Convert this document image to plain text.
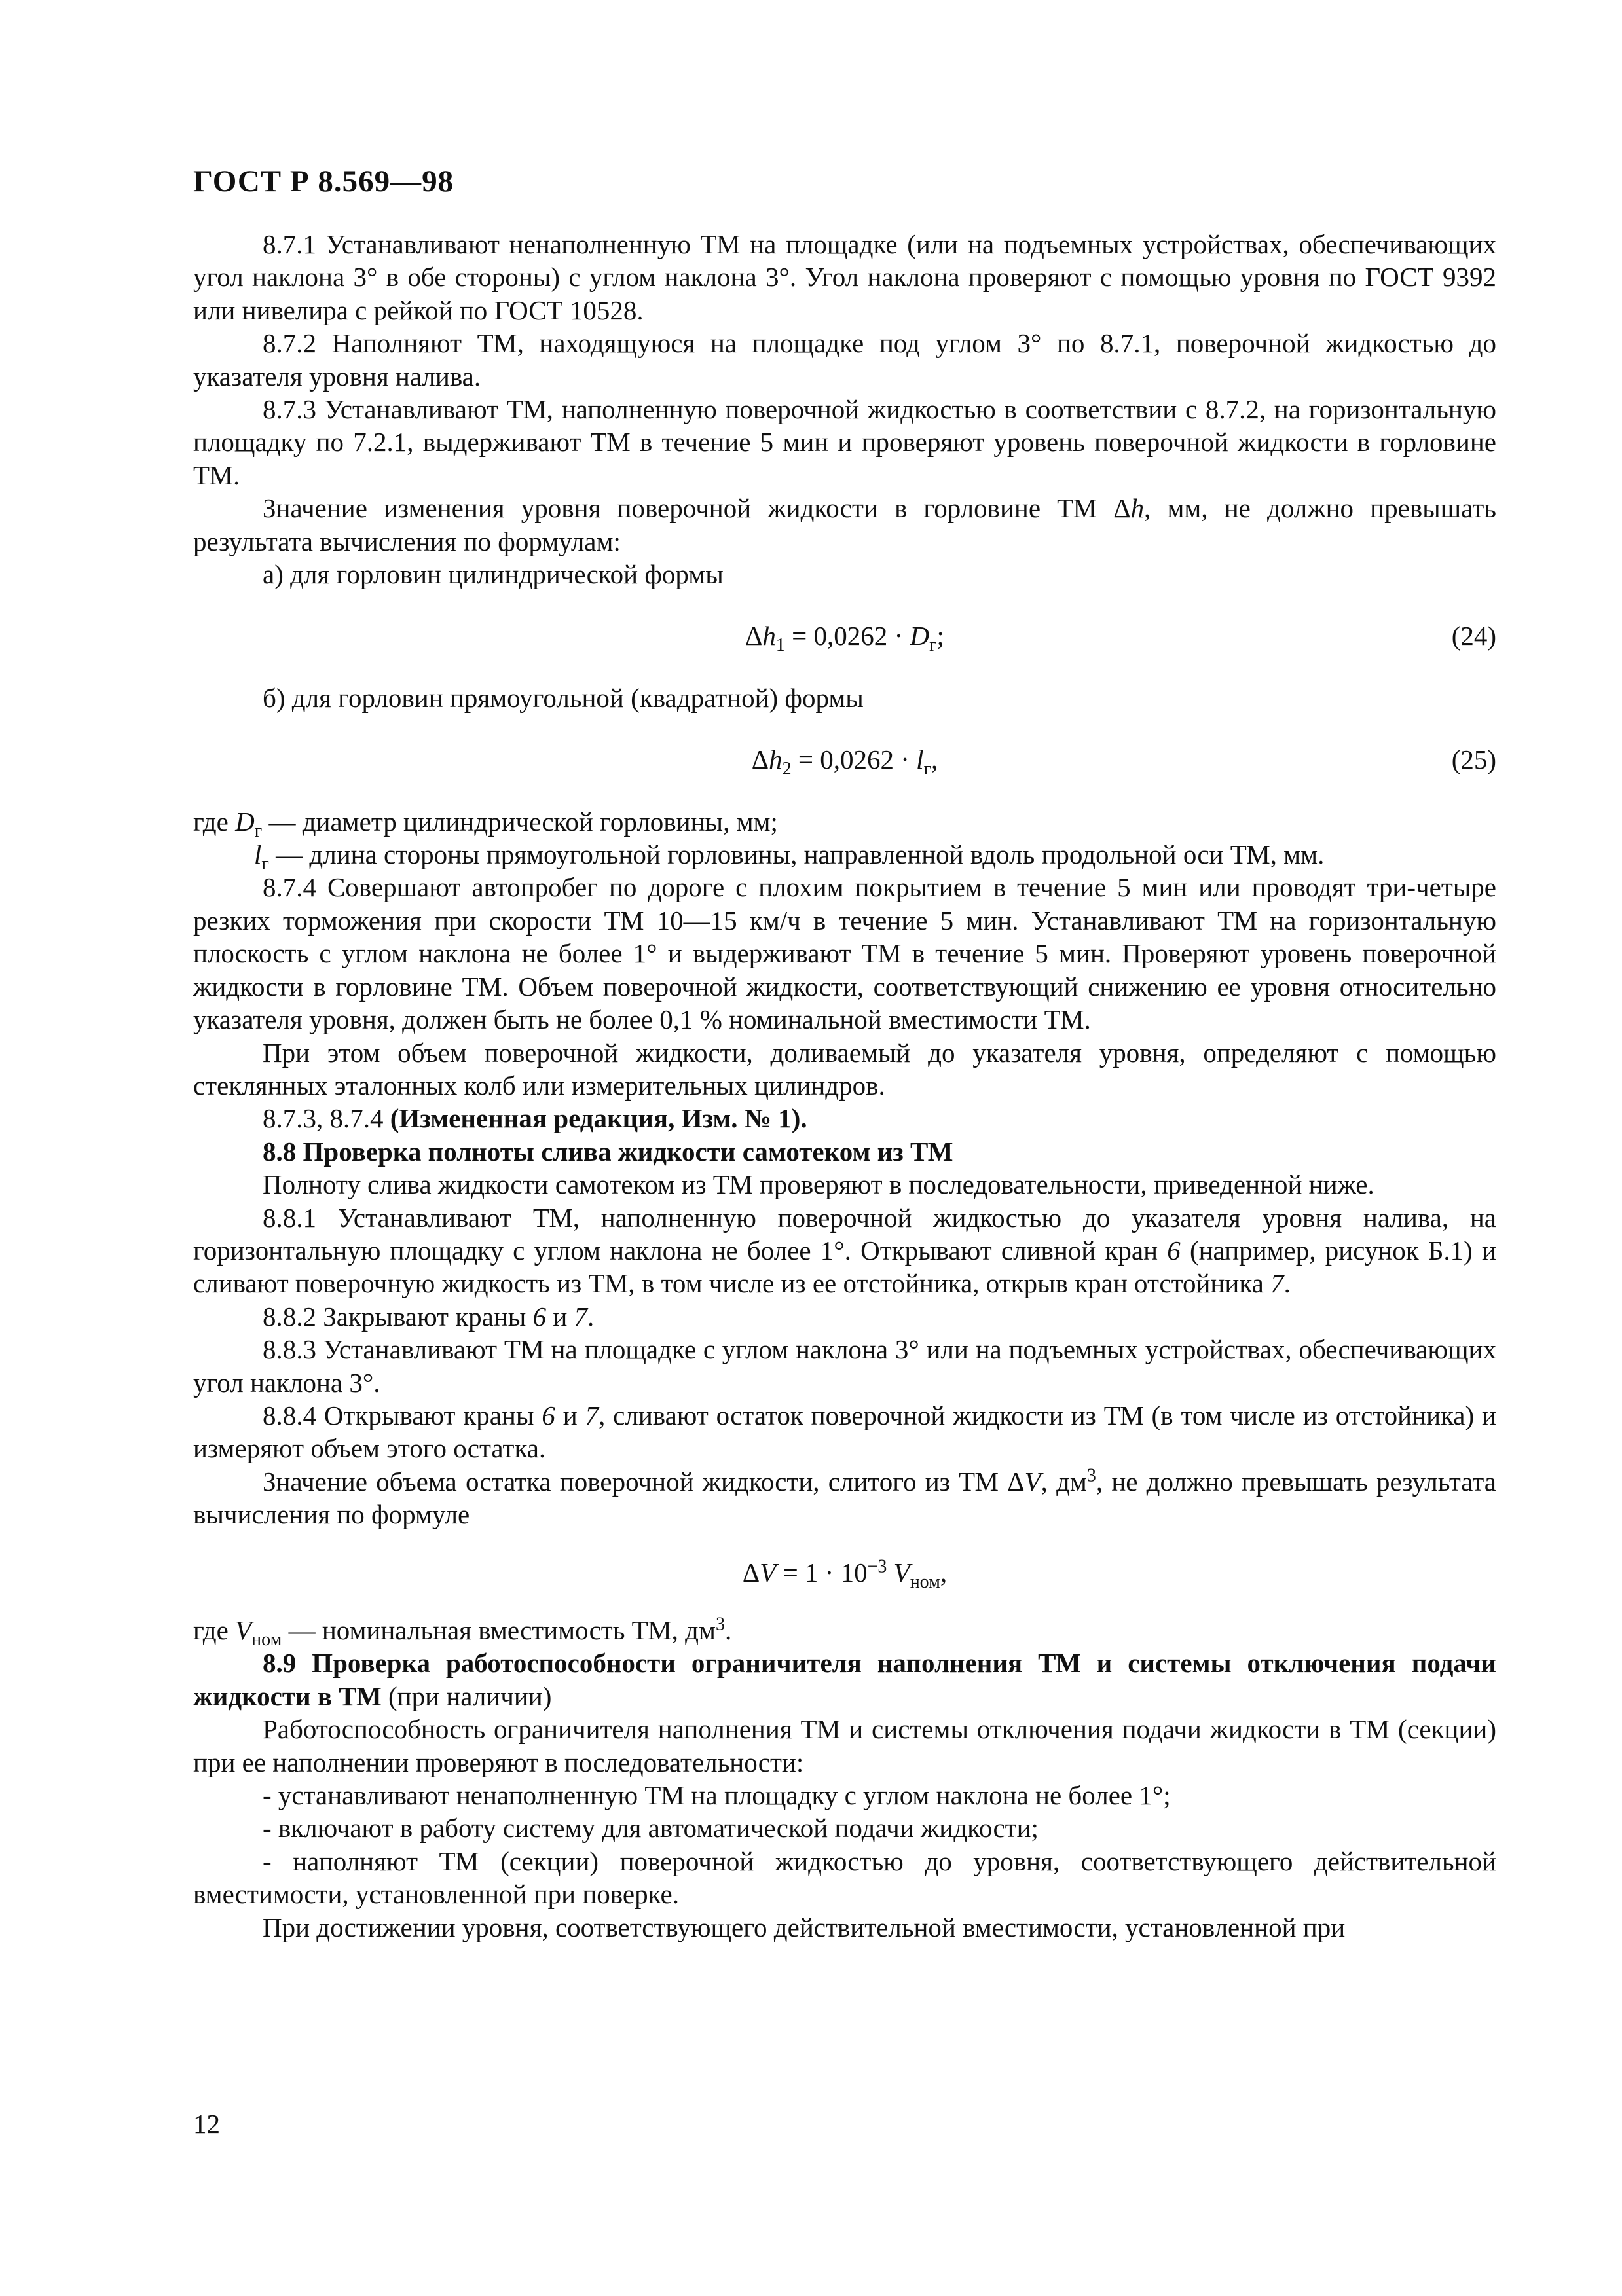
ГОСТ Р 8.569—98

8.7.1 Устанавливают ненаполненную ТМ на площадке (или на подъемных устройствах, обеспечивающих угол наклона 3° в обе стороны) с углом наклона 3°. Угол наклона проверяют с помощью уровня по ГОСТ 9392 или нивелира с рейкой по ГОСТ 10528.

8.7.2 Наполняют ТМ, находящуюся на площадке под углом 3° по 8.7.1, поверочной жидкостью до указателя уровня налива.

8.7.3 Устанавливают ТМ, наполненную поверочной жидкостью в соответствии с 8.7.2, на горизонтальную площадку по 7.2.1, выдерживают ТМ в течение 5 мин и проверяют уровень поверочной жидкости в горловине ТМ.

Значение изменения уровня поверочной жидкости в горловине ТМ Δh, мм, не должно превышать результата вычисления по формулам:

а) для горловин цилиндрической формы

$\Delta h_1 = 0,0262 \cdot D_г$;	(24)

б) для горловин прямоугольной (квадратной) формы

$\Delta h_2 = 0,0262 \cdot l_г$,	(25)

где $D_г$ — диаметр цилиндрической горловины, мм;

$l_г$ — длина стороны прямоугольной горловины, направленной вдоль продольной оси ТМ, мм.

8.7.4 Совершают автопробег по дороге с плохим покрытием в течение 5 мин или проводят три-четыре резких торможения при скорости ТМ 10—15 км/ч в течение 5 мин. Устанавливают ТМ на горизонтальную плоскость с углом наклона не более 1° и выдерживают ТМ в течение 5 мин. Проверяют уровень поверочной жидкости в горловине ТМ. Объем поверочной жидкости, соответствующий снижению ее уровня относительно указателя уровня, должен быть не более 0,1 % номинальной вместимости ТМ.

При этом объем поверочной жидкости, доливаемый до указателя уровня, определяют с помощью стеклянных эталонных колб или измерительных цилиндров.

8.7.3, 8.7.4 (Измененная редакция, Изм. № 1).

8.8 Проверка полноты слива жидкости самотеком из ТМ

Полноту слива жидкости самотеком из ТМ проверяют в последовательности, приведенной ниже.

8.8.1 Устанавливают ТМ, наполненную поверочной жидкостью до указателя уровня налива, на горизонтальную площадку с углом наклона не более 1°. Открывают сливной кран 6 (например, рисунок Б.1) и сливают поверочную жидкость из ТМ, в том числе из ее отстойника, открыв кран отстойника 7.

8.8.2 Закрывают краны 6 и 7.

8.8.3 Устанавливают ТМ на площадке с углом наклона 3° или на подъемных устройствах, обеспечивающих угол наклона 3°.

8.8.4 Открывают краны 6 и 7, сливают остаток поверочной жидкости из ТМ (в том числе из отстойника) и измеряют объем этого остатка.

Значение объема остатка поверочной жидкости, слитого из ТМ ΔV, $дм^3$, не должно превышать результата вычисления по формуле

$\Delta V = 1 \cdot 10^{-3}$ $V_{ном}$,

где $V_{ном}$ — номинальная вместимость ТМ, $дм^3$.

8.9 Проверка работоспособности ограничителя наполнения ТМ и системы отключения подачи жидкости в ТМ (при наличии)

Работоспособность ограничителя наполнения ТМ и системы отключения подачи жидкости в ТМ (секции) при ее наполнении проверяют в последовательности:

- устанавливают ненаполненную ТМ на площадку с углом наклона не более 1°;

- включают в работу систему для автоматической подачи жидкости;

- наполняют ТМ (секции) поверочной жидкостью до уровня, соответствующего действительной вместимости, установленной при поверке.

При достижении уровня, соответствующего действительной вместимости, установленной при

12
